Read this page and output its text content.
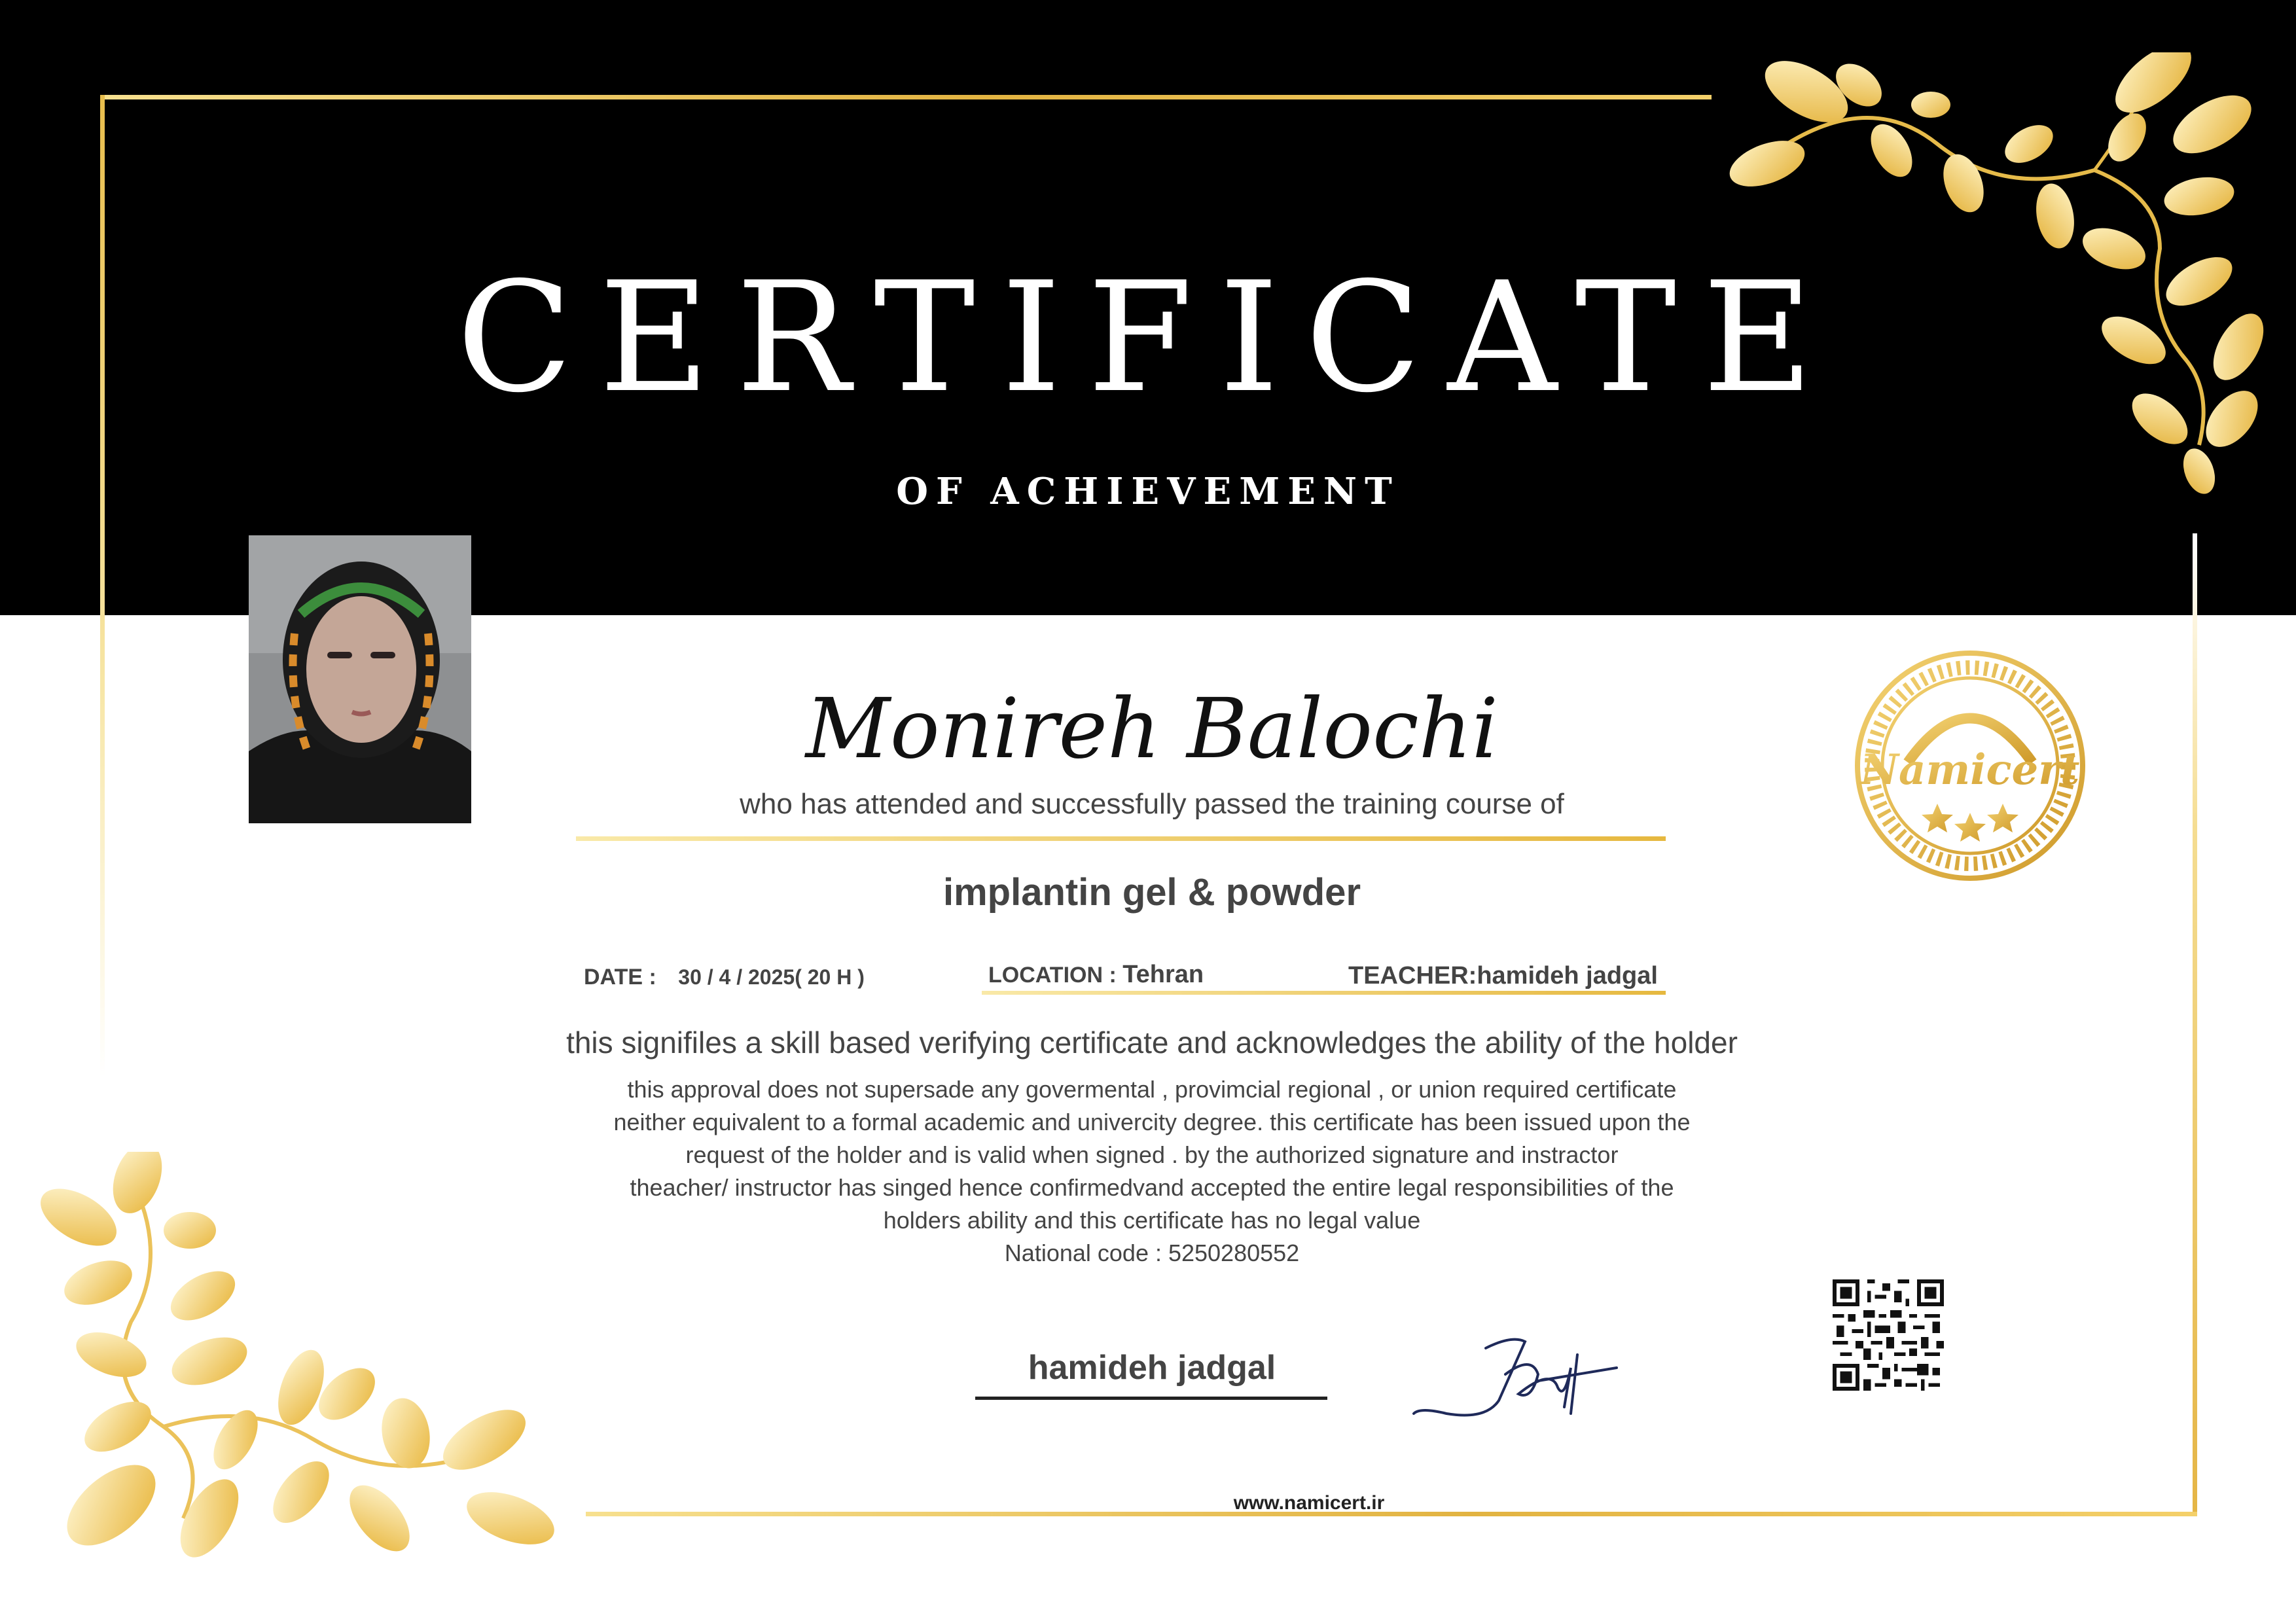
CERTIFICATE
OF ACHIEVEMENT
Monireh Balochi
who has attended and successfully passed the training course of
implantin gel & powder
DATE : 30 / 4 / 2025( 20 H )	LOCATION : Tehran	TEACHER:hamideh jadgal
this signifiles a skill based verifying certificate and acknowledges the ability of the holder
this approval does not supersade any govermental , provimcial regional , or union required certificate
neither equivalent to a formal academic and univercity degree. this certificate has been issued upon the
request of the holder and is valid when signed . by the authorized signature and instractor
theacher/ instructor has singed hence confirmedvand accepted the entire legal responsibilities of the
holders ability and this certificate has no legal value
National code : 5250280552
Namicert
hamideh jadgal
www.namicert.ir
